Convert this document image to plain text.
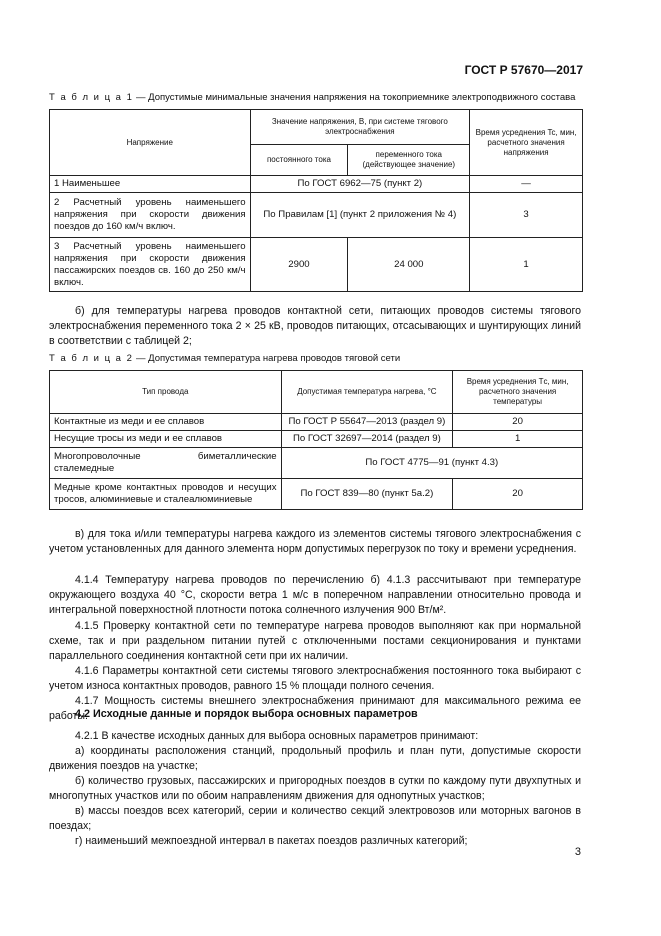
ГОСТ Р 57670—2017
Т а б л и ц а 1 — Допустимые минимальные значения напряжения на токоприемнике электроподвижного состава
Напряжение	Значение напряжения, В, при системе тягового электроснабжения		Время усреднения Tc, мин, расчетного значения напряжения
	постоянного тока	переменного тока (действующее значение)	
1 Наименьшее	По ГОСТ 6962—75 (пункт 2)		—
2 Расчетный уровень наименьшего напряжения при скорости движения поездов до 160 км/ч включ.	По Правилам [1] (пункт 2 приложения № 4)		3
3 Расчетный уровень наименьшего напряжения при скорости движения пассажирских поездов св. 160 до 250 км/ч включ.	2900	24 000	1
б) для температуры нагрева проводов контактной сети, питающих проводов системы тягового электроснабжения переменного тока 2 × 25 кВ, проводов питающих, отсасывающих и шунтирующих линий в соответствии с таблицей 2;
Т а б л и ц а 2 — Допустимая температура нагрева проводов тяговой сети
Тип провода	Допустимая температура нагрева, °С	Время усреднения Tс, мин, расчетного значения температуры
Контактные из меди и ее сплавов	По ГОСТ Р 55647—2013 (раздел 9)	20
Несущие тросы из меди и ее сплавов	По ГОСТ 32697—2014 (раздел 9)	1
Многопроволочные биметаллические сталемедные	По ГОСТ 4775—91 (пункт 4.3)	
Медные кроме контактных проводов и несущих тросов, алюминиевые и сталеалюминиевые	По ГОСТ 839—80 (пункт 5а.2)	20
в) для тока и/или температуры нагрева каждого из элементов системы тягового электроснабжения с учетом установленных для данного элемента норм допустимых перегрузок по току и времени усреднения.
4.1.4 Температуру нагрева проводов по перечислению б) 4.1.3 рассчитывают при температуре окружающего воздуха 40 °С, скорости ветра 1 м/с в поперечном направлении относительно провода и интегральной поверхностной плотности потока солнечного излучения 900 Вт/м².
4.1.5 Проверку контактной сети по температуре нагрева проводов выполняют как при нормальной схеме, так и при раздельном питании путей с отключенными постами секционирования и пунктами параллельного соединения контактной сети при их наличии.
4.1.6 Параметры контактной сети системы тягового электроснабжения постоянного тока выбирают с учетом износа контактных проводов, равного 15 % площади полного сечения.
4.1.7 Мощность системы внешнего электроснабжения принимают для максимального режима ее работы.
4.2 Исходные данные и порядок выбора основных параметров
4.2.1 В качестве исходных данных для выбора основных параметров принимают:
а) координаты расположения станций, продольный профиль и план пути, допустимые скорости движения поездов на участке;
б) количество грузовых, пассажирских и пригородных поездов в сутки по каждому пути двухпутных и многопутных участков или по обоим направлениям движения для однопутных участков;
в) массы поездов всех категорий, серии и количество секций электровозов или моторных вагонов в поездах;
г) наименьший межпоездной интервал в пакетах поездов различных категорий;
3
